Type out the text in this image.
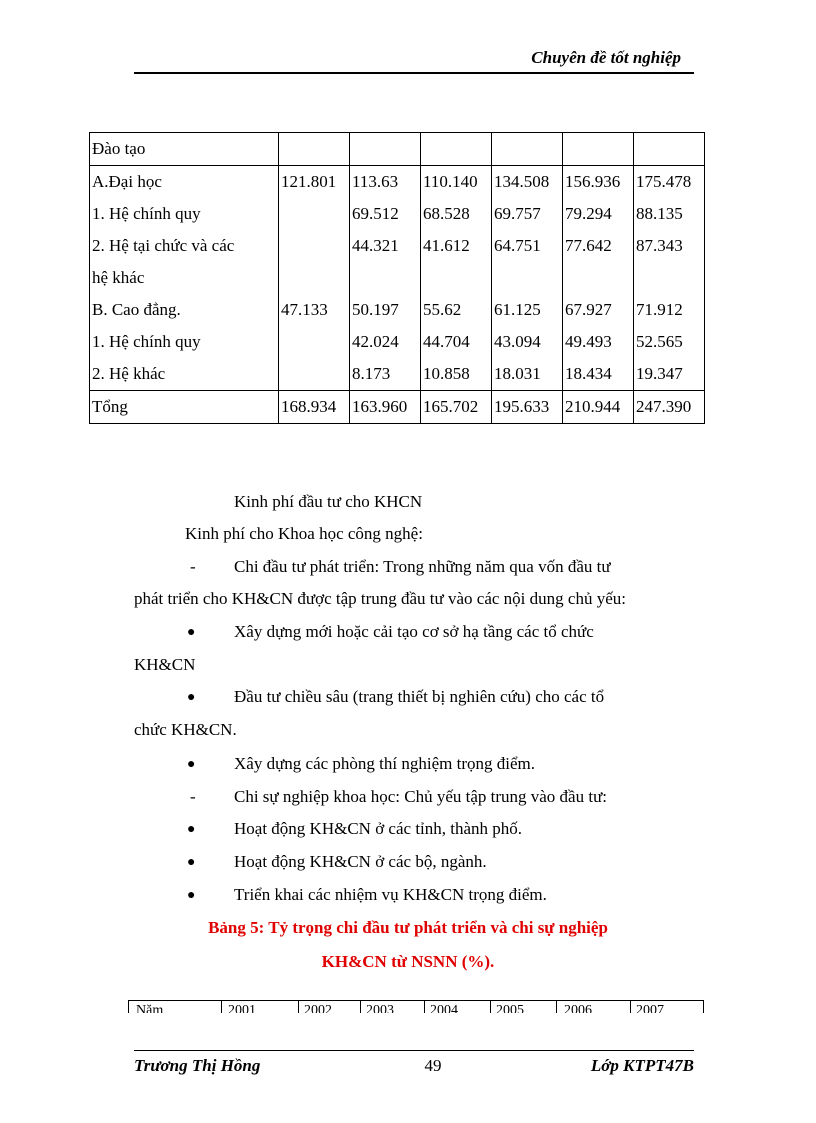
Chuyên đề tốt nghiệp
Đào tạo						
A.Đại học	121.801	113.63	110.140	134.508	156.936	175.478
1. Hệ chính quy		69.512	68.528	69.757	79.294	88.135
2. Hệ tại chức và các		44.321	41.612	64.751	77.642	87.343
hệ khác						
B. Cao đẳng.	47.133	50.197	55.62	61.125	67.927	71.912
1. Hệ chính quy		42.024	44.704	43.094	49.493	52.565
2. Hệ khác		8.173	10.858	18.031	18.434	19.347
Tổng	168.934	163.960	165.702	195.633	210.944	247.390
Kinh phí đầu tư cho KHCN
Kinh phí cho Khoa học công nghệ:
- Chi đầu tư phát triển: Trong những năm qua vốn đầu tư
phát triển cho KH&CN được tập trung đầu tư vào các nội dung chủ yếu:
● Xây dựng mới hoặc cải tạo cơ sở hạ tầng các tổ chức
KH&CN
● Đầu tư chiều sâu (trang thiết bị nghiên cứu) cho các tổ
chức KH&CN.
● Xây dựng các phòng thí nghiệm trọng điểm.
- Chi sự nghiệp khoa học: Chủ yếu tập trung vào đầu tư:
● Hoạt động KH&CN ở các tỉnh, thành phố.
● Hoạt động KH&CN ở các bộ, ngành.
● Triển khai các nhiệm vụ KH&CN trọng điểm.
Bảng 5: Tỷ trọng chi đầu tư phát triển và chi sự nghiệp
KH&CN từ NSNN (%).
Năm	2001	2002 2003	2004	2005	2006	2007
Trương Thị Hồng	49	Lớp KTPT47B
